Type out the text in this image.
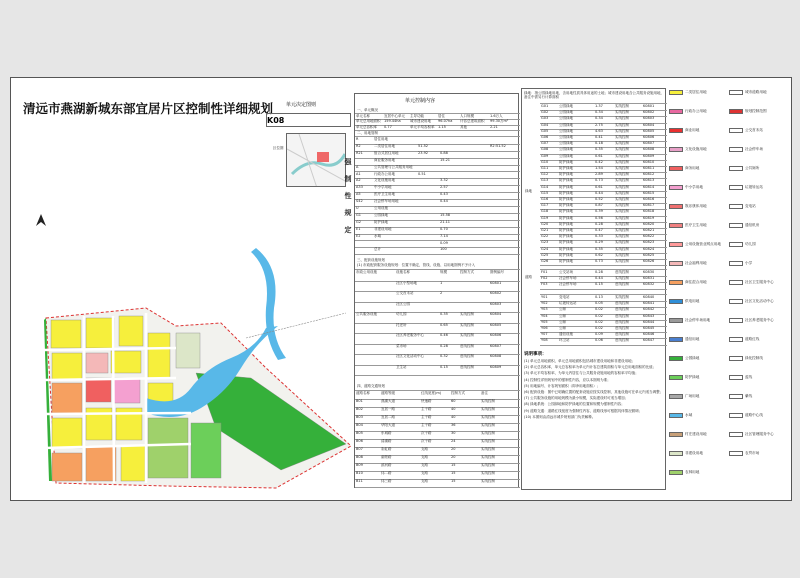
清远市燕湖新城东部宜居片区控制性详细规划
K08
单元决定图则
区位图
强制性规定
单元控制内容
一、单元概况
单元名称	宜居中心单元	主导功能	居住	人口规模	1.6万人
单元总用地面积	159.44ha	城市建设用地	96.07ha	计容总建筑面积	99.30万m²
单元总容积率	0.77	单元平均容积率	1.15	其他	2.21
二、用地管制
R	居住用地
R2	二类居住用地	51.52	R2:51.52
R21	组合式居住用地	23.92	0.88
商业服务用地	15.21
A	公共管理与公共服务用地
A1	行政办公用地	0.51
A2	文化设施用地	3.32
A33	中小学用地	2.57
A5	医疗卫生用地	0.43
S42	社会停车场用地	0.44
U	公用设施
G1	公园绿地	15.58
G2	防护绿地	21.11
E1	非建设用地	0.70
E2	水域	7.14
0.09
总计	100
三、配套设施规划
(1) 市政配套服务设施规划：位置不确定，管线、设施、以用地图例不予计入
市政公用设施	设施名称	规模	控制方式	图例编号
社区小型场地	1	K0801
公交首末站	2	K0802
社区公园	K0803
公共服务设施	幼儿园	0.35	实线控制	K0804
托老所	0.65	实线控制	K0805
社区养老服务中心	0.46	实线控制	K0806
菜市场	0.28	虚线控制	K0807
社区文化活动中心	0.32	虚线控制	K0808
卫生站	0.15	虚线控制	K0809
四、道路交通规划
道路名称	道路等级	红线宽度(m)	控制方式	备注
B01	燕湖大道	快速路	60	实线控制
B02	宜居一路	主干路	40	实线控制
B03	宜居二路	主干路	40	实线控制
B04	华阳大道	主干路	36	实线控制
B05	东城路	次干路	30	实线控制
B06	清湖路	次干路	24	实线控制
B07	彩虹路	支路	20	实线控制
B08	湖景路	支路	20	实线控制
B09	滨河路	支路	15	实线控制
B10	纬二路	支路	15	实线控制
B11	纬三路	支路	15	实线控制
绿地：指公园绿地用地，含用地性质具体用途的土地；城市建设用地含公共服务设施用地，备注中需另行计算面积
绿地
G01	公园绿地	1.37	实线控制	K0801
G02	公园绿地	0.34	实线控制	K0802
G03	公园绿地	0.34	实线控制	K0803
G04	公园绿地	2.75	实线控制	K0804
G05	公园绿地	4.63	实线控制	K0805
G06	公园绿地	0.41	实线控制	K0806
G07	公园绿地	0.18	实线控制	K0807
G08	公园绿地	0.35	实线控制	K0808
G09	公园绿地	0.61	实线控制	K0809
G10	防护绿地	0.42	实线控制	K0810
G11	防护绿地	1.54	实线控制	K0811
G12	防护绿地	2.89	实线控制	K0812
G13	防护绿地	0.73	实线控制	K0813
G14	防护绿地	0.61	实线控制	K0814
G15	防护绿地	0.44	实线控制	K0815
G16	防护绿地	0.52	实线控制	K0816
G17	防护绿地	0.87	实线控制	K0817
G18	防护绿地	0.39	实线控制	K0818
G19	防护绿地	0.56	实线控制	K0819
G20	防护绿地	0.28	实线控制	K0820
G21	防护绿地	0.47	实线控制	K0821
G22	防护绿地	0.33	实线控制	K0822
G23	防护绿地	0.29	实线控制	K0823
G24	防护绿地	0.35	实线控制	K0824
G25	防护绿地	0.62	实线控制	K0825
G26	防护绿地	0.73	实线控制	K0826
道路
F01	公交站场	0.28	虚线控制	K0830
F02	社会停车场	0.44	实线控制	K0831
F03	社会停车场	0.15	虚线控制	K0832
Y01	变电站	0.13	实线控制	K0840
Y02	垃圾转运站	0.05	虚线控制	K0841
Y03	公厕	0.02	虚线控制	K0842
Y04	公厕	0.02	虚线控制	K0843
Y05	公厕	0.02	虚线控制	K0844
Y06	公厕	0.02	虚线控制	K0845
Y07	通信设施	0.09	虚线控制	K0846
Y08	环卫站	0.06	虚线控制	K0847
说明事项：
(1) 单元总用地面积，单元总用地面积包括城市建设用地和非建设用地；
(2) 单元总容积率，单元总容积率为单元内计容总建筑面积与单元总用地面积的比值；
(3) 单元平均容积率，为单元内居住与公共服务设施用地的容积率平均值；
(4) 控制性详细规划中的强制性内容，应以本图则为准；
(5) 用地编号、计容规划面积（即净用地面积）；
(6) 配套设施：图中已明确位置的配套设施应按实线控制，其他设施可在单元内适当调整；
(7) 公共服务设施的用地规模为最小规模，实际建设时可适当增加；
(8) 绿地系统：公园绿地和防护绿地的位置和规模为强制性内容；
(9) 道路交通：道路红线宽度为强制性内容，道路线形可根据具体情况微调；
(10) 本图则由清远市城乡规划部门负责解释。
二类居住用地
行政办公用地
商业用地
文化设施用地
商务用地
中小学用地
娱乐康体用地
医疗卫生用地
公用设施营业网点用地
社会福利用地
商住混合用地
供电用地
社会停车场用地
通信用地
公园绿地
防护绿地
广场用地
水域
村庄建设用地
非建设用地
农林用地
城市道路用地
规划控制范围
公交首末站
社会停车场
公共厕所
垃圾转运站
变电站
通信机房
幼儿园
小学
社区卫生服务中心
社区文化活动中心
社区养老服务中心
道路红线
绿化控制线
蓝线
紫线
道路中心线
社区管理服务中心
农贸市场
